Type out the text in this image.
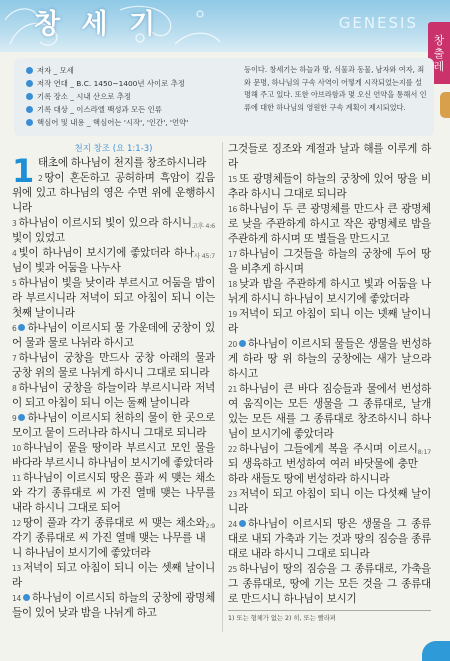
창 세 기	GENESIS
창
출
레
저자 _ 모세
저작 연대 _ B.C. 1450~1400년 사이로 추정
기록 장소 _ 시내 산으로 추정
기록 대상 _ 이스라엘 백성과 모든 인류
핵심어 및 내용 _ 핵심어는 '시작', '인간', '언약'
등이다. 창세기는 하늘과 땅, 식물과 동물, 남자와 여자, 죄와 문명, 하나님의 구속 사역이 어떻게 시작되었는지를 설명해 주고 있다. 또한 아브라함과 몇 오신 언약을 통해서 인류에 대한 하나님의 영원한 구속 계획이 제시되었다.
천지 창조 (요 1:1-3)

1 태초에 하나님이 천지를 창조하시니라

2 땅이 혼돈하고 공허하며 흑암이 깊음 위에 있고 하나님의 영은 수면 위에 운행하시니라

고후 4:6
3 하나님이 이르시되 빛이 있으라 하시니 빛이 있었고

사 45:7
4 빛이 하나님이 보시기에 좋았더라 하나님이 빛과 어둠을 나누사

5 하나님이 빛을 낮이라 부르시고 어둠을 밤이라 부르시니라 저녁이 되고 아침이 되니 이는 첫째 날이니라

6 하나님이 이르시되 물 가운데에 궁창이 있어 물과 물로 나뉘라 하시고

7 하나님이 궁창을 만드사 궁창 아래의 물과 궁창 위의 물로 나뉘게 하시니 그대로 되니라

8 하나님이 궁창을 하늘이라 부르시니라 저녁이 되고 아침이 되니 이는 둘째 날이니라

9 하나님이 이르시되 천하의 물이 한 곳으로 모이고 뭍이 드러나라 하시니 그대로 되니라

10 하나님이 뭍을 땅이라 부르시고 모인 물을 바다라 부르시니 하나님이 보시기에 좋았더라

11 하나님이 이르시되 땅은 풀과 씨 맺는 채소와 각기 종류대로 씨 가진 열매 맺는 나무를 내라 하시니 그대로 되어

2:9
12 땅이 풀과 각기 종류대로 씨 맺는 채소와 각기 종류대로 씨 가진 열매 맺는 나무를 내니 하나님이 보시기에 좋았더라

13 저녁이 되고 아침이 되니 이는 셋째 날이니라

14 하나님이 이르시되 하늘의 궁창에 광명체들이 있어 낮과 밤을 나뉘게 하고

그것들로 징조와 계절과 날과 해를 이루게 하라

15 또 광명체들이 하늘의 궁창에 있어 땅을 비추라 하시니 그대로 되니라

16 하나님이 두 큰 광명체를 만드사 큰 광명체로 낮을 주관하게 하시고 작은 광명체로 밤을 주관하게 하시며 또 별들을 만드시고

17 하나님이 그것들을 하늘의 궁창에 두어 땅을 비추게 하시며

18 낮과 밤을 주관하게 하시고 빛과 어둠을 나뉘게 하시니 하나님이 보시기에 좋았더라

19 저녁이 되고 아침이 되니 이는 넷째 날이니라

20 하나님이 이르시되 물들은 생물을 번성하게 하라 땅 위 하늘의 궁창에는 새가 날으라 하시고

21 하나님이 큰 바다 짐승들과 물에서 번성하여 움직이는 모든 생물을 그 종류대로, 날개 있는 모든 새를 그 종류대로 창조하시니 하나님이 보시기에 좋았더라

8:17
22 하나님이 그들에게 복을 주시며 이르시되 생육하고 번성하여 여러 바닷물에 충만하라 새들도 땅에 번성하라 하시니라

23 저녁이 되고 아침이 되니 이는 다섯째 날이니라

24 하나님이 이르시되 땅은 생물을 그 종류대로 내되 가축과 기는 것과 땅의 짐승을 종류대로 내라 하시니 그대로 되니라

25 하나님이 땅의 짐승을 그 종류대로, 가축을 그 종류대로, 땅에 기는 모든 것을 그 종류대로 만드시니 하나님이 보시기

1) 또는 형체가 없는 2) 히, 또는 빨라펴
